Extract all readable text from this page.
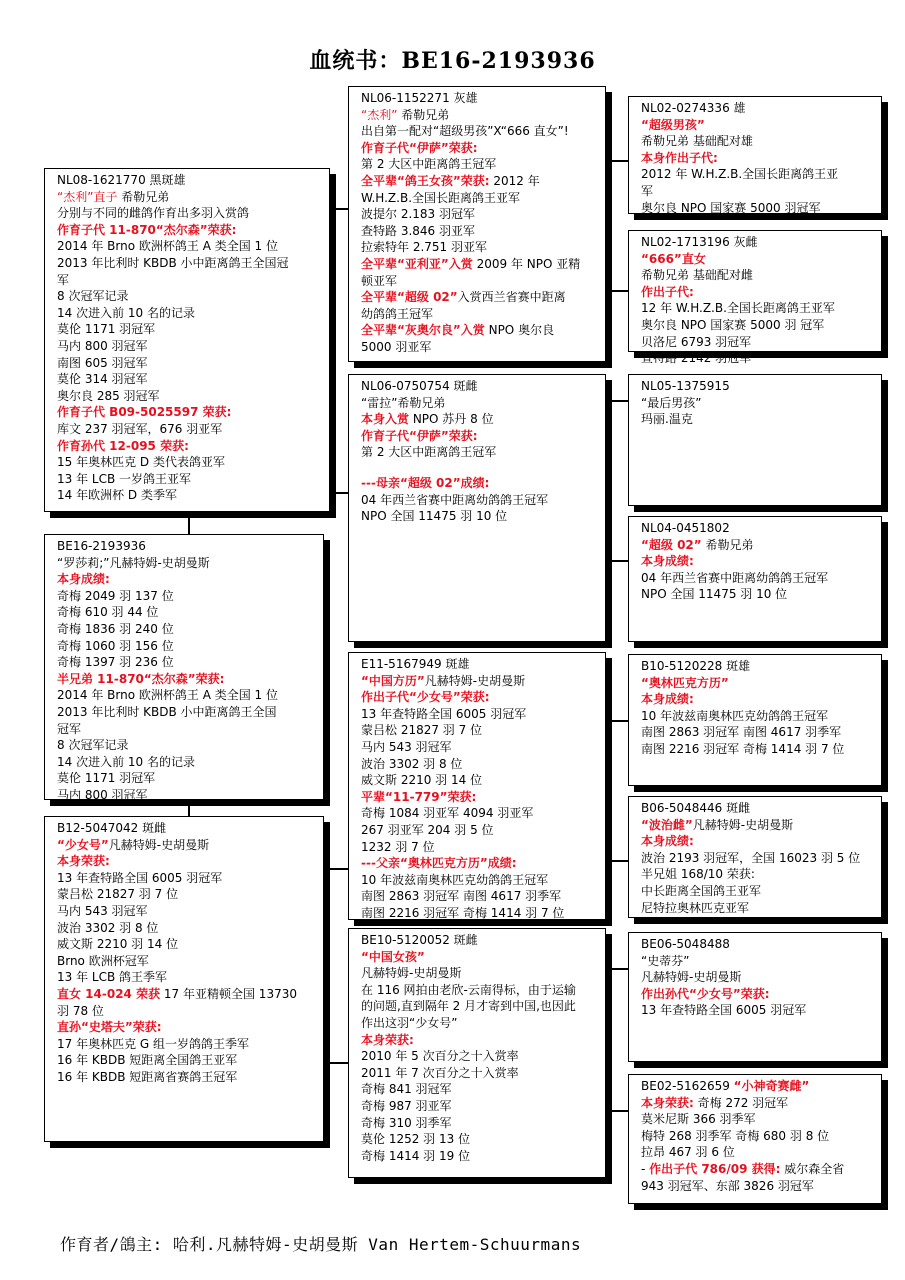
血统书：BE16-2193936
NL08-1621770 黑斑雄
“杰利”直子 希勒兄弟
分别与不同的雌鸽作育出多羽入赏鸽
作育子代 11-870“杰尔森”荣获:
2014 年 Brno 欧洲杯鸽王 A 类全国 1 位
2013 年比利时 KBDB 小中距离鸽王全国冠
军
8 次冠军记录
14 次进入前 10 名的记录
莫伦 1171 羽冠军
马内 800 羽冠军
南图 605 羽冠军
莫伦 314 羽冠军
奥尔良 285 羽冠军
作育子代 B09-5025597 荣获:
库文 237 羽冠军，676 羽亚军
作育孙代 12-095 荣获:
15 年奥林匹克 D 类代表鸽亚军
13 年 LCB 一岁鸽王亚军
14 年欧洲杯 D 类季军
BE16-2193936
“罗莎莉;”凡赫特姆-史胡曼斯
本身成绩:
奇梅 2049 羽 137 位
奇梅 610 羽 44 位
奇梅 1836 羽 240 位
奇梅 1060 羽 156 位
奇梅 1397 羽 236 位
半兄弟 11-870“杰尔森”荣获:
2014 年 Brno 欧洲杯鸽王 A 类全国 1 位
2013 年比利时 KBDB 小中距离鸽王全国
冠军
8 次冠军记录
14 次进入前 10 名的记录
莫伦 1171 羽冠军
马内 800 羽冠军
B12-5047042 斑雌
“少女号”凡赫特姆-史胡曼斯
本身荣获:
13 年查特路全国 6005 羽冠军
蒙吕松 21827 羽 7 位
马内 543 羽冠军
波治 3302 羽 8 位
威文斯 2210 羽 14 位
Brno 欧洲杯冠军
13 年 LCB 鸽王季军
直女 14-024 荣获 17 年亚精顿全国 13730
羽 78 位
直孙“史塔夫”荣获:
17 年奥林匹克 G 组一岁鸽鸽王季军
16 年 KBDB 短距离全国鸽王亚军
16 年 KBDB 短距离省赛鸽王冠军
NL06-1152271 灰雄
“杰利” 希勒兄弟
出自第一配对“超级男孩”X“666 直女”!
作育子代“伊萨”荣获:
第 2 大区中距离鸽王冠军
全平辈“鸽王女孩”荣获: 2012 年
W.H.Z.B.全国长距离鸽王亚军
波提尔 2.183 羽冠军
查特路 3.846 羽亚军
拉索特年 2.751 羽亚军
全平辈“亚利亚”入赏 2009 年 NPO 亚精
顿亚军
全平辈“超级 02”入赏西兰省赛中距离
幼鸽鸽王冠军
全平辈“灰奥尔良”入赏 NPO 奥尔良
5000 羽亚军
NL06-0750754 斑雌
“雷拉”希勒兄弟
本身入赏 NPO 苏丹 8 位
作育子代“伊萨”荣获:
第 2 大区中距离鸽王冠军
---母亲“超级 02”成绩:
04 年西兰省赛中距离幼鸽鸽王冠军
NPO 全国 11475 羽 10 位
E11-5167949 斑雄
“中国方历”凡赫特姆-史胡曼斯
作出子代“少女号”荣获:
13 年查特路全国 6005 羽冠军
蒙吕松 21827 羽 7 位
马内 543 羽冠军
波治 3302 羽 8 位
威文斯 2210 羽 14 位
平辈“11-779”荣获:
奇梅 1084 羽亚军 4094 羽亚军
267 羽亚军 204 羽 5 位
1232 羽 7 位
---父亲“奥林匹克方历”成绩:
10 年波兹南奥林匹克幼鸽鸽王冠军
南图 2863 羽冠军 南图 4617 羽季军
南图 2216 羽冠军 奇梅 1414 羽 7 位
BE10-5120052 斑雌
“中国女孩”
凡赫特姆-史胡曼斯
在 116 网拍由老欣-云南得标，由于运输
的问题,直到隔年 2 月才寄到中国,也因此
作出这羽“少女号”
本身荣获:
2010 年 5 次百分之十入赏率
2011 年 7 次百分之十入赏率
奇梅 841 羽冠军
奇梅 987 羽亚军
奇梅 310 羽季军
莫伦 1252 羽 13 位
奇梅 1414 羽 19 位
NL02-0274336 雄
“超级男孩”
希勒兄弟 基础配对雄
本身作出子代:
2012 年 W.H.Z.B.全国长距离鸽王亚
军
奥尔良 NPO 国家赛 5000 羽冠军
NL02-1713196 灰雌
“666”直女
希勒兄弟 基础配对雌
作出子代:
12 年 W.H.Z.B.全国长距离鸽王亚军
奥尔良 NPO 国家赛 5000 羽 冠军
贝洛尼 6793 羽冠军
查特路 2142 羽冠军
NL05-1375915
“最后男孩”
玛丽.温克
NL04-0451802
“超级 02” 希勒兄弟
本身成绩:
04 年西兰省赛中距离幼鸽鸽王冠军
NPO 全国 11475 羽 10 位
B10-5120228 斑雄
“奥林匹克方历”
本身成绩:
10 年波兹南奥林匹克幼鸽鸽王冠军
南图 2863 羽冠军 南图 4617 羽季军
南图 2216 羽冠军 奇梅 1414 羽 7 位
B06-5048446 斑雌
“波治雌”凡赫特姆-史胡曼斯
本身成绩:
波治 2193 羽冠军，全国 16023 羽 5 位
半兄姐 168/10 荣获:
中长距离全国鸽王亚军
尼特拉奥林匹克亚军
BE06-5048488
“史蒂芬”
凡赫特姆-史胡曼斯
作出孙代“少女号”荣获:
13 年查特路全国 6005 羽冠军
BE02-5162659 “小神奇赛雌”
本身荣获: 奇梅 272 羽冠军
莫米尼斯 366 羽季军
梅特 268 羽季军 奇梅 680 羽 8 位
拉昂 467 羽 6 位
- 作出子代 786/09 获得: 威尔森全省
943 羽冠军、东部 3826 羽冠军
作育者/鴿主: 哈利.凡赫特姆-史胡曼斯 Van Hertem-Schuurmans
